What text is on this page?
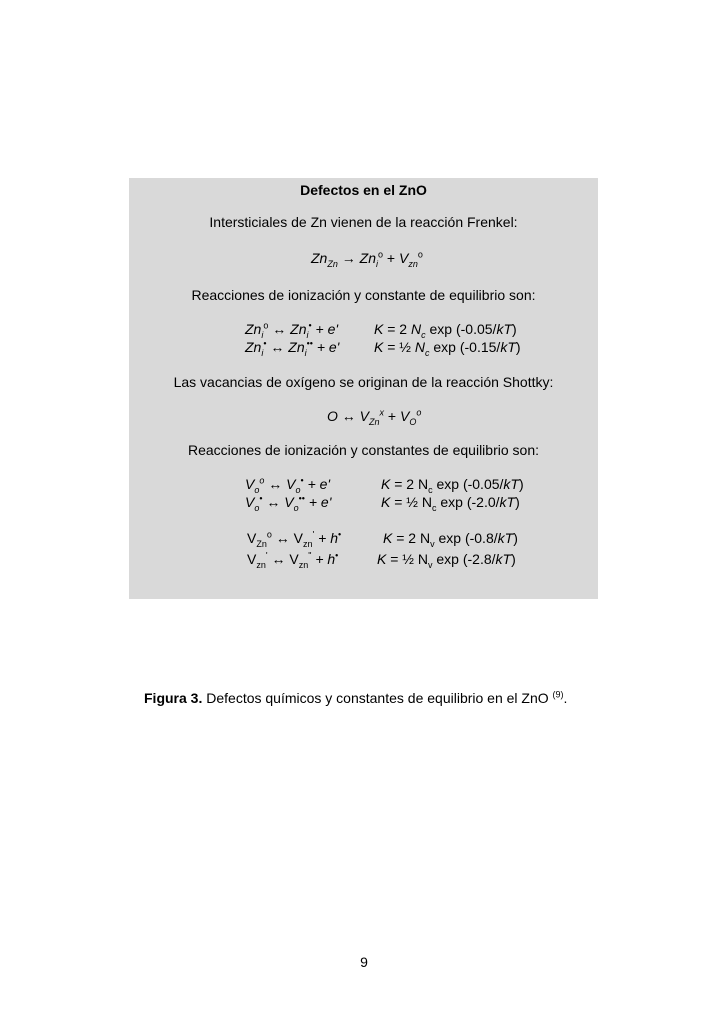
Defectos en el ZnO
Intersticiales de Zn vienen de la reacción Frenkel:
$Zn_{Zn} \to Zn_i^o + V_{zn}^o$
Reacciones de ionización y constante de equilibrio son:
$Zn_i^o$ ↔ $Zn_i^• + e'$	K = 2 $N_c$ exp (-0.05/kT)
$Zn_i^•$ ↔ $Zn_i^{••} + e'$ K = ½ $N_c$ exp (-0.15/kT)
Las vacancias de oxígeno se originan de la reacción Shottky:
O ↔ $V_{Zn}^x + V_O^o$
Reacciones de ionización y constantes de equilibrio son:
$V_o^o$ ↔ $V_o^• + e'$	K = 2 $N_c$ exp (-0.05/kT)
$V_o^•$ ↔ $V_o^{••} + e'$	K = ½ $N_c$ exp (-2.0/kT)
$V_{Zn}^o$ ↔ $V_{zn}' + h^•$	K = 2 $N_v$ exp (-0.8/kT)
$V_{zn}'$ ↔ $V_{zn}^" + h^•$	K = ½ $N_v$ exp (-2.8/kT)
Figura 3. Defectos químicos y constantes de equilibrio en el ZnO $^{(9)}$.
9
